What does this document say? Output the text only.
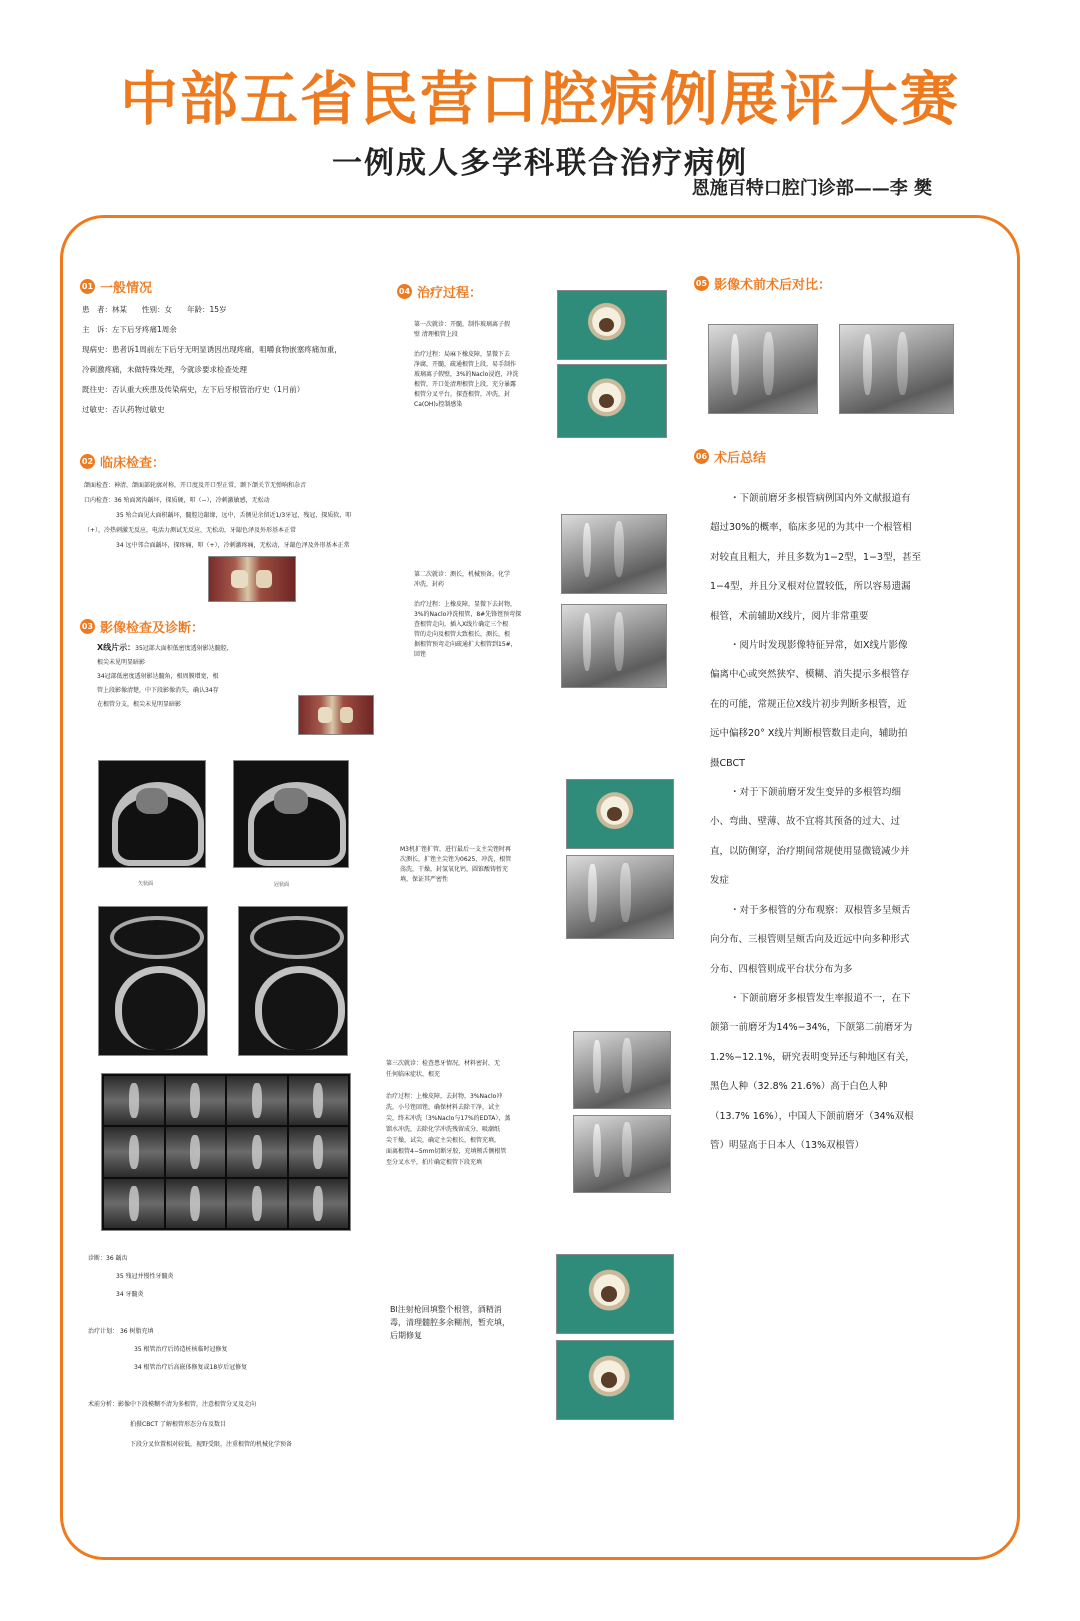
中部五省民营口腔病例展评大赛
一例成人多学科联合治疗病例
恩施百特口腔门诊部——李 樊
01 一般情况

患　者：林某　　性别：女　　年龄：15岁

主　诉：左下后牙疼痛1周余

现病史：患者诉1周前左下后牙无明显诱因出现疼痛，咀嚼食物嵌塞疼痛加重，

冷刺激疼痛，未做特殊处理，今就诊要求检查处理

既往史：否认重大疾患及传染病史，左下后牙根管治疗史（1月前）

过敏史：否认药物过敏史

02 临床检查：

颌面检查：神清，颌面部轮廓对称，开口度及开口型正常，颞下颌关节无弹响和杂音

口内检查：36 殆面窝沟龋坏，探质硬，叩（−），冷刺激敏感，无松动

35 殆合面见大面积龋坏，髓腔边龈缘，远中，舌侧见余留近1/3牙冠，残冠，探质软，叩

（+），冷热刺激无反应，电活力测试无反应，无松动，牙龈色泽及外形基本正常

34 远中邻合面龋坏，探疼痛，叩（+），冷刺激疼痛，无松动，牙龈色泽及外形基本正常

03 影像检查及诊断：

X线片示：35冠部大面积低密度透射影达髓腔，

根尖未见明显暗影

34冠部低密度透射影达髓角，根周膜增宽，根

管上段影像清楚，中下段影像消失，确认34存

在根管分支，根尖未见明显暗影

矢状面	冠状面

诊断：36 龋齿

35 残冠并慢性牙髓炎

34 牙髓炎

治疗计划： 36 树脂充填

35 根管治疗后铸造桩核临时冠修复

34 根管治疗后高嵌体修复或18岁后冠修复

术前分析：影像中下段模糊不清为多根管，注意根管分叉及走向

拍摄CBCT 了解根管形态分布及数目

下段分叉位置相对较低，视野受限，注重根管的机械化学预备

04 治疗过程：

第一次就诊：开髓，制作玻璃离子假

壁 清理根管上段

治疗过程：局麻下橡皮障，显微下去

净腐，开髓，疏通根管上段，易手制作

玻璃离子假壁，3%的Naclo浸泡，冲洗

根管，开口处清理根管上段，充分暴露

根管分叉平台，探查根管，冲洗，封

Ca(OH)₂控制感染

第二次就诊：测长，机械预备，化学

冲洗，封药

治疗过程：上橡皮障，显微下去封物，

3%的Naclo冲洗根管，8#先锋锉预弯探

查根管走向，插入X线片确定三个根

管的走向及根管大致根长，测长，根

据根管预弯走向疏通扩大根管到15#，

回锉

M3机扩锉扩管，进行最后一支主尖锉时再

次测长，扩锉主尖锉为0625，冲洗，根管

荡洗，干燥，封氢氧化钙，圆锥酸铸暂充

填，保证其严密性

第三次就诊：检查患牙情况，材料密封，无

任何临床症状，根充

治疗过程：上橡皮障，去封物，3%Naclo冲

洗，小号锉回锉，确保材料去除干净，试主

尖，终末冲洗（3%Naclo与17%的EDTA），蒸

馏水冲洗，去除化学冲洗残留成分，吸潮纸

尖干燥，试尖，确定主尖根长，根管充填，

面离根管4−5mm切断牙胶，充填颊舌侧根管

至分叉水平，拍片确定根管下段充填

Bl注射枪回填整个根管，酒精消

毒，清理髓腔多余糊剂，暂充填，

后期修复

05 影像术前术后对比：
06 术后总结

・下颌前磨牙多根管病例国内外文献报道有

超过30%的概率，临床多见的为其中一个根管相

对较直且粗大，并且多数为1−2型，1−3型，甚至

1−4型，并且分叉根对位置较低，所以容易遗漏

根管，术前辅助X线片，阅片非常重要

・阅片时发现影像特征异常，如X线片影像

偏离中心或突然狭窄、模糊、消失提示多根管存

在的可能，常规正位X线片初步判断多根管，近

远中偏移20° X线片判断根管数目走向，辅助拍

摄CBCT

・对于下颌前磨牙发生变异的多根管均细

小、弯曲、壁薄、故不宜将其预备的过大、过

直，以防侧穿，治疗期间常规使用显微镜减少并

发症

・对于多根管的分布观察：双根管多呈颊舌

向分布、三根管则呈颊舌向及近远中向多种形式

分布、四根管则成平台状分布为多

・下颌前磨牙多根管发生率报道不一，在下

颌第一前磨牙为14%−34%，下颌第二前磨牙为

1.2%−12.1%，研究表明变异还与种地区有关，

黑色人种（32.8% 21.6%）高于白色人种

（13.7% 16%），中国人下颌前磨牙（34%双根

管）明显高于日本人（13%双根管）
